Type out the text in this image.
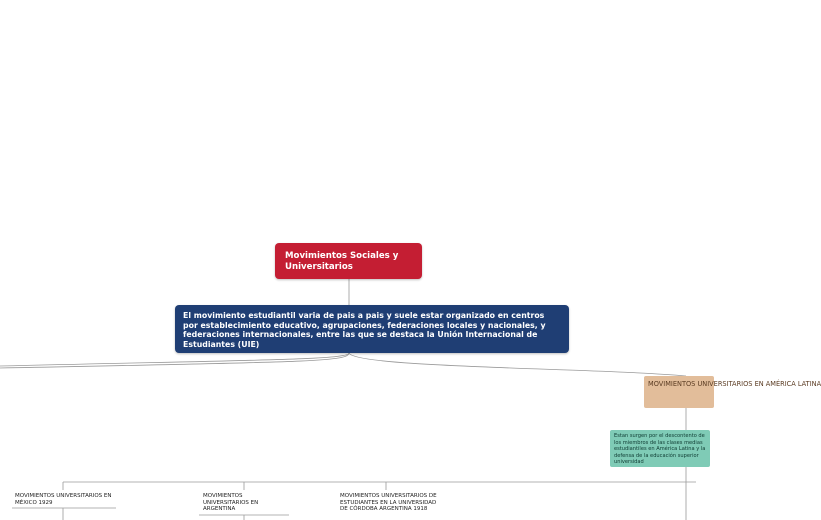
Movimientos Sociales y Universitarios
El movimiento estudiantil varia de pais a pais y suele estar organizado en centros por establecimiento educativo, agrupaciones, federaciones locales y nacionales, y federaciones internacionales, entre las que se destaca la Unión Internacional de Estudiantes (UIE)
MOVIMIENTOS UNIVERSITARIOS EN AMÉRICA LATINA
Estan surgen por el descontento de los miembros de las clases medias estudiantiles en América Latina y la defensa de la educación superior universidad
MOVIMIENTOS UNIVERSITARIOS EN MÉXICO 1929
MOVIMIENTOS UNIVERSITARIOS EN ARGENTINA
MOVIMIENTOS UNIVERSITARIOS DE ESTUDIANTES EN LA UNIVERSIDAD DE CÓRDOBA ARGENTINA 1918
